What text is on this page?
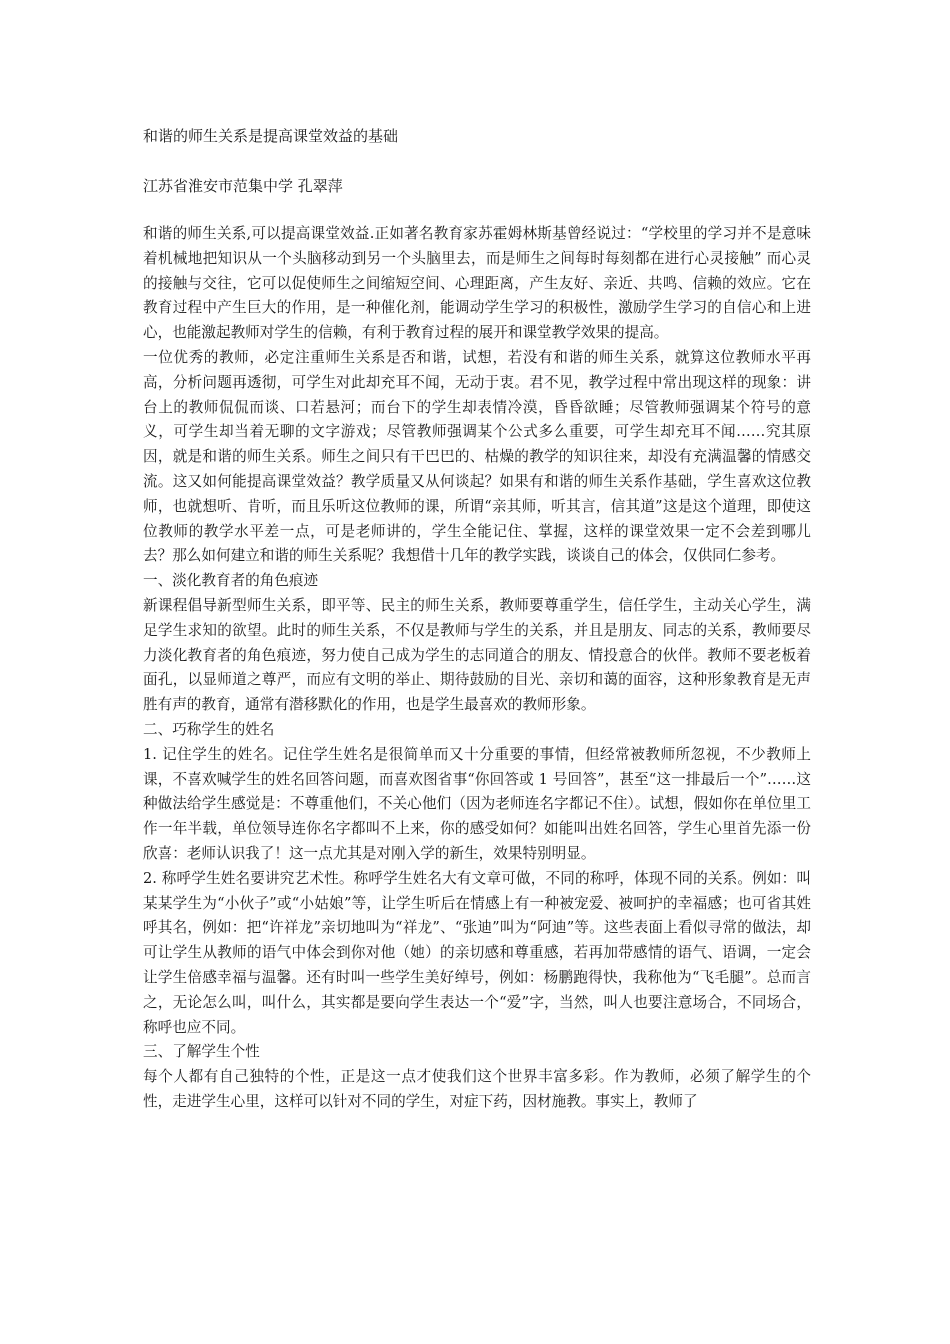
和谐的师生关系是提高课堂效益的基础
江苏省淮安市范集中学 孔翠萍

和谐的师生关系,可以提高课堂效益.正如著名教育家苏霍姆林斯基曾经说过：“学校里的学习并不是意味着机械地把知识从一个头脑移动到另一个头脑里去，而是师生之间每时每刻都在进行心灵接触” 而心灵的接触与交往，它可以促使师生之间缩短空间、心理距离，产生友好、亲近、共鸣、信赖的效应。它在教育过程中产生巨大的作用，是一种催化剂，能调动学生学习的积极性，激励学生学习的自信心和上进心，也能激起教师对学生的信赖，有利于教育过程的展开和课堂教学效果的提高。

一位优秀的教师，必定注重师生关系是否和谐，试想，若没有和谐的师生关系，就算这位教师水平再高，分析问题再透彻，可学生对此却充耳不闻，无动于衷。君不见，教学过程中常出现这样的现象：讲台上的教师侃侃而谈、口若悬河；而台下的学生却表情冷漠，昏昏欲睡；尽管教师强调某个符号的意义，可学生却当着无聊的文字游戏；尽管教师强调某个公式多么重要，可学生却充耳不闻……究其原因，就是和谐的师生关系。师生之间只有干巴巴的、枯燥的教学的知识往来，却没有充满温馨的情感交流。这又如何能提高课堂效益？教学质量又从何谈起？如果有和谐的师生关系作基础，学生喜欢这位教师，也就想听、肯听，而且乐听这位教师的课，所谓“亲其师，听其言，信其道”这是这个道理，即使这位教师的教学水平差一点，可是老师讲的，学生全能记住、掌握，这样的课堂效果一定不会差到哪儿去？那么如何建立和谐的师生关系呢？我想借十几年的教学实践，谈谈自己的体会，仅供同仁参考。

一、淡化教育者的角色痕迹

新课程倡导新型师生关系，即平等、民主的师生关系，教师要尊重学生，信任学生，主动关心学生，满足学生求知的欲望。此时的师生关系，不仅是教师与学生的关系，并且是朋友、同志的关系，教师要尽力淡化教育者的角色痕迹，努力使自己成为学生的志同道合的朋友、情投意合的伙伴。教师不要老板着面孔，以显师道之尊严，而应有文明的举止、期待鼓励的目光、亲切和蔼的面容，这种形象教育是无声胜有声的教育，通常有潜移默化的作用，也是学生最喜欢的教师形象。

二、巧称学生的姓名

1. 记住学生的姓名。记住学生姓名是很简单而又十分重要的事情，但经常被教师所忽视，不少教师上课，不喜欢喊学生的姓名回答问题，而喜欢图省事“你回答或 1 号回答”，甚至“这一排最后一个”……这种做法给学生感觉是：不尊重他们，不关心他们（因为老师连名字都记不住）。试想，假如你在单位里工作一年半载，单位领导连你名字都叫不上来，你的感受如何？如能叫出姓名回答，学生心里首先添一份欣喜：老师认识我了！这一点尤其是对刚入学的新生，效果特别明显。

2. 称呼学生姓名要讲究艺术性。称呼学生姓名大有文章可做，不同的称呼，体现不同的关系。例如：叫某某学生为“小伙子”或“小姑娘”等，让学生听后在情感上有一种被宠爱、被呵护的幸福感；也可省其姓呼其名，例如：把“许祥龙”亲切地叫为“祥龙”、“张迪”叫为“阿迪”等。这些表面上看似寻常的做法，却可让学生从教师的语气中体会到你对他（她）的亲切感和尊重感，若再加带感情的语气、语调，一定会让学生倍感幸福与温馨。还有时叫一些学生美好绰号，例如：杨鹏跑得快，我称他为“飞毛腿”。总而言之，无论怎么叫，叫什么，其实都是要向学生表达一个“爱”字，当然，叫人也要注意场合，不同场合，称呼也应不同。

三、了解学生个性

每个人都有自己独特的个性，正是这一点才使我们这个世界丰富多彩。作为教师，必须了解学生的个性，走进学生心里，这样可以针对不同的学生，对症下药，因材施教。事实上，教师了
